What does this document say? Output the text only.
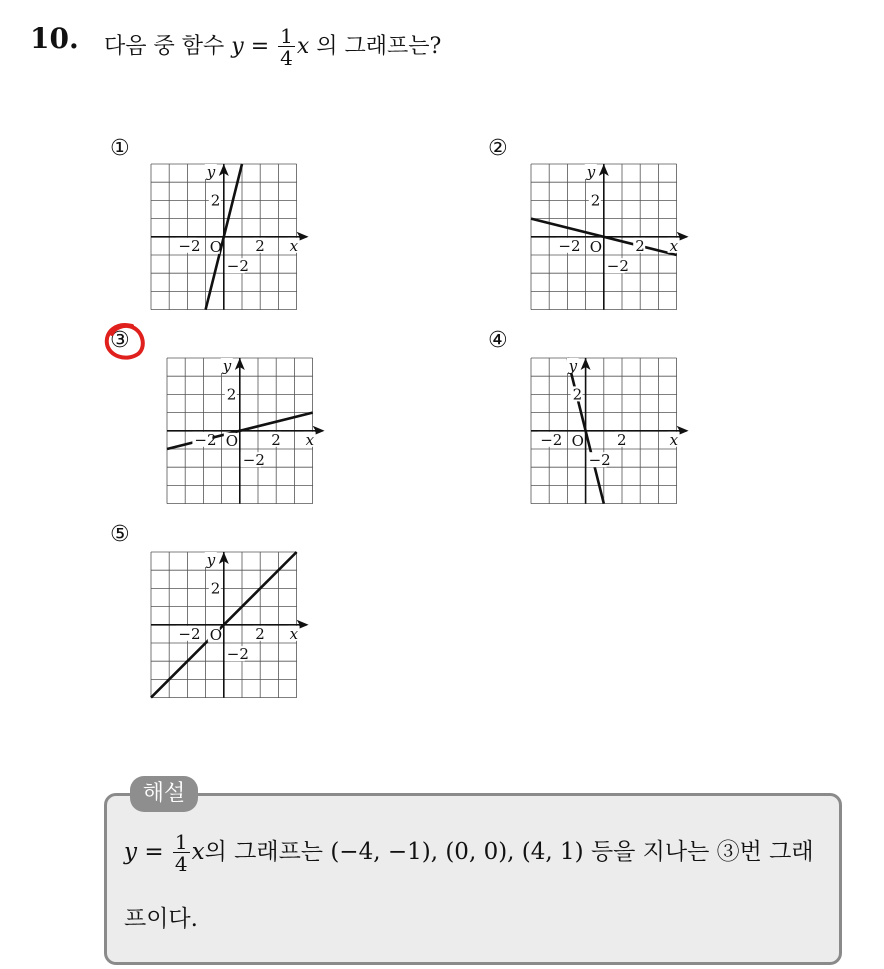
10. 다음 중 함수 $y = \frac{1}{4}$ x 의 그래프는?
①	②
③	④
⑤
y
2
−2 O 2 x
−2
y
2
−2 O 2 x
−2
y
2
−2 O 2 x
−2
y
2
−2 O 2	x
−2
y
2
−2 O 2 x
−2
해설
$y = \frac{1}{4}$ x의 그래프는 (−4, −1), (0, 0), (4, 1) 등을 지나는 ③번 그래
프이다.
